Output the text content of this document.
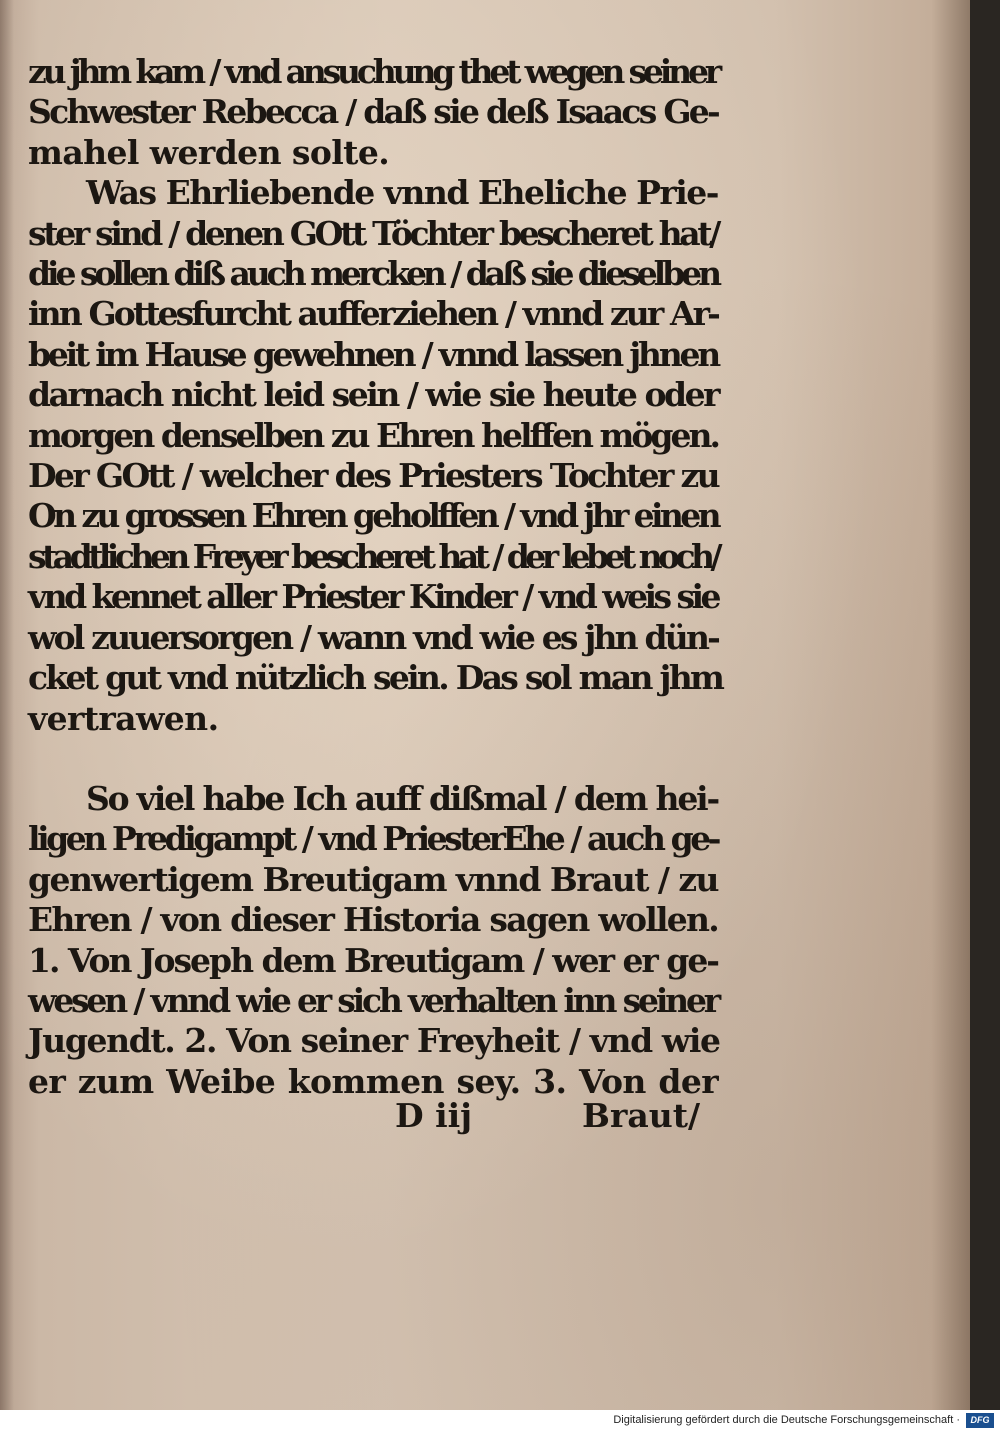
zu jhm kam / vnd ansuchung thet wegen seiner
Schwester Rebecca / daß sie deß Isaacs Ge-
mahel werden solte.
Was Ehrliebende vnnd Eheliche Prie-
ster sind / denen GOtt Töchter bescheret hat/
die sollen diß auch mercken / daß sie dieselben
inn Gottesfurcht aufferziehen / vnnd zur Ar-
beit im Hause gewehnen / vnnd lassen jhnen
darnach nicht leid sein / wie sie heute oder
morgen denselben zu Ehren helffen mögen.
Der GOtt / welcher des Priesters Tochter zu
On zu grossen Ehren geholffen / vnd jhr einen
stadtlichen Freyer bescheret hat / der lebet noch/
vnd kennet aller Priester Kinder / vnd weis sie
wol zuuersorgen / wann vnd wie es jhn dün-
cket gut vnd nützlich sein. Das sol man jhm
vertrawen.
So viel habe Ich auff dißmal / dem hei-
ligen Predigampt / vnd PriesterEhe / auch ge-
genwertigem Breutigam vnnd Braut / zu
Ehren / von dieser Historia sagen wollen.
1. Von Joseph dem Breutigam / wer er ge-
wesen / vnnd wie er sich verhalten inn seiner
Jugendt. 2. Von seiner Freyheit / vnd wie
er zum Weibe kommen sey. 3. Von der
D iij	Braut/
Digitalisierung gefördert durch die Deutsche Forschungsgemeinschaft ·	DFG
